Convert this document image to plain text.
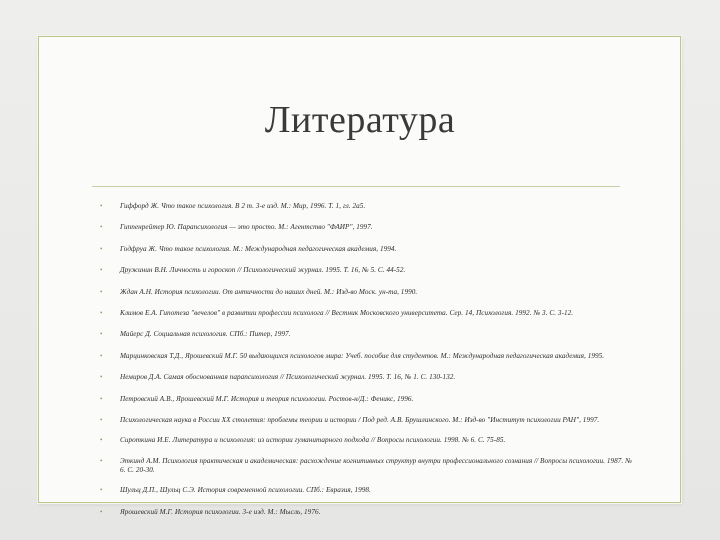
Литература
• Гиффорд Ж. Что такое психология. В 2 т. 3-е изд. М.: Мир, 1996. Т. 1, гл. 2а5.
• Гиппенрейтер Ю. Парапсихология — это просто. М.: Агентство "ФАИР", 1997.
• Годфруа Ж. Что такое психология. М.: Международная педагогическая академия, 1994.
• Дружинин В.Н. Личность и гороскоп // Психологический журнал. 1995. Т. 16, № 5. С. 44-52.
• Ждан А.Н. История психологии. От античности до наших дней. М.: Изд-во Моск. ун-та, 1990.
• Климов Е.А. Гипотеза "вечелов" в развитии профессии психолога // Вестник Московского университета. Сер. 14, Психология. 1992. № 3. С. 3-12.
• Майерс Д. Социальная психология. СПб.: Питер, 1997.
• Марцинковская Т.Д., Ярошевский М.Г. 50 выдающихся психологов мира: Учеб. пособие для студентов. М.: Международная педагогическая академия, 1995.
• Немиров Д.А. Самая обоснованная парапсихология // Психологический журнал. 1995. Т. 16, № 1. С. 130-132.
• Петровский А.В., Ярошевский М.Г. История и теория психологии. Ростов-н/Д.: Феникс, 1996.
• Психологическая наука в России XX столетия: проблемы теории и истории / Под ред. А.В. Брушлинского. М.: Изд-во "Институт психологии РАН", 1997.
• Сироткина И.Е. Литература и психология: из истории гуманитарного подхода // Вопросы психологии. 1998. № 6. С. 75-85.
• Эткинд А.М. Психология практическая и академическая: расхождение когнитивных структур внутри профессионального сознания // Вопросы психологии. 1987. № 6. С. 20-30.
• Шульц Д.П., Шульц С.Э. История современной психологии. СПб.: Евразия, 1998.
• Ярошевский М.Г. История психологии. 3-е изд. М.: Мысль, 1976.
